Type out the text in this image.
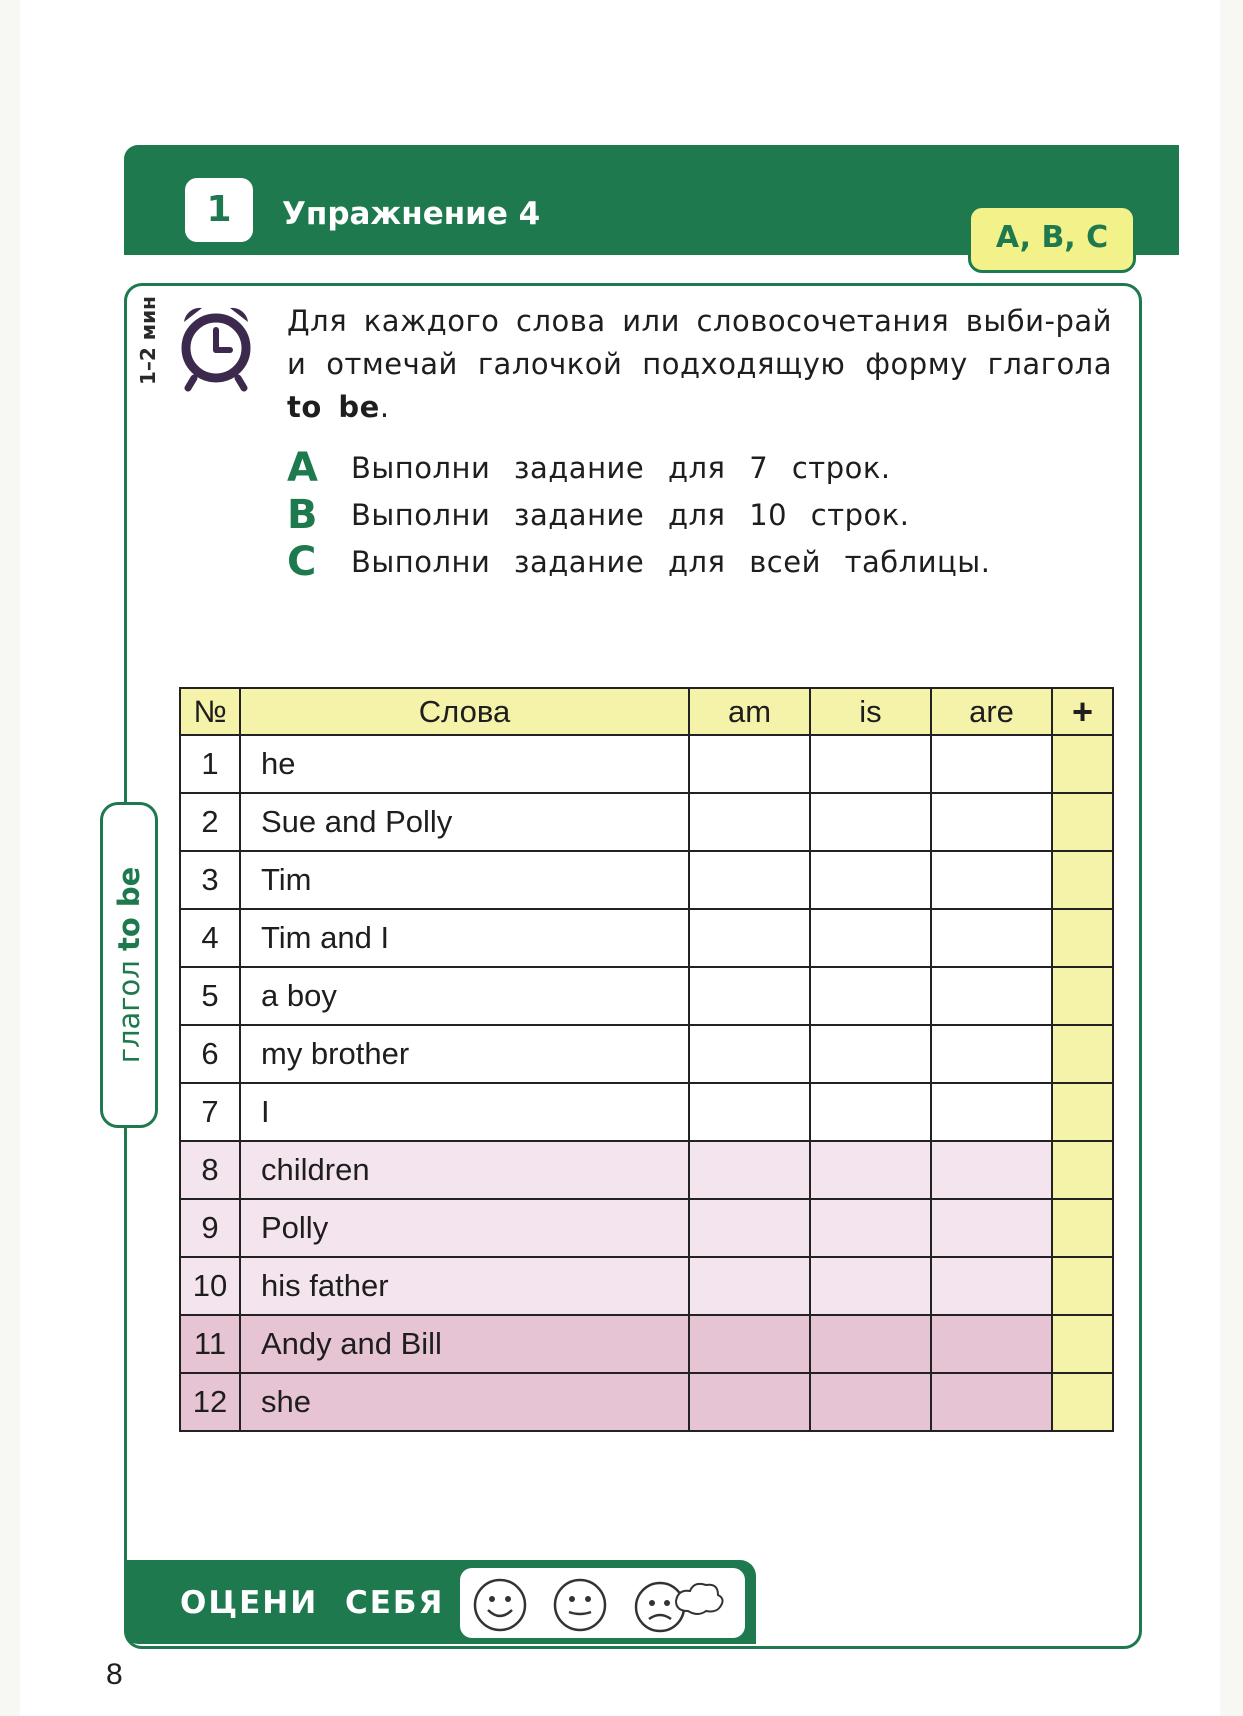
1	Упражнение 4
A, B, C
Для каждого слова или словосочетания выби-рай и отмечай галочкой подходящую форму глагола to be.
A Выполни задание для 7 строк.
B Выполни задание для 10 строк.
C Выполни задание для всей таблицы.
глагол to be
№	Слова	am	is	are	+
1	he				
2	Sue and Polly				
3	Tim				
4	Tim and I				
5	a boy				
6	my brother				
7	I				
8	children				
9	Polly				
10	his father				
11	Andy and Bill				
12	she				
ОЦЕНИ СЕБЯ
8
